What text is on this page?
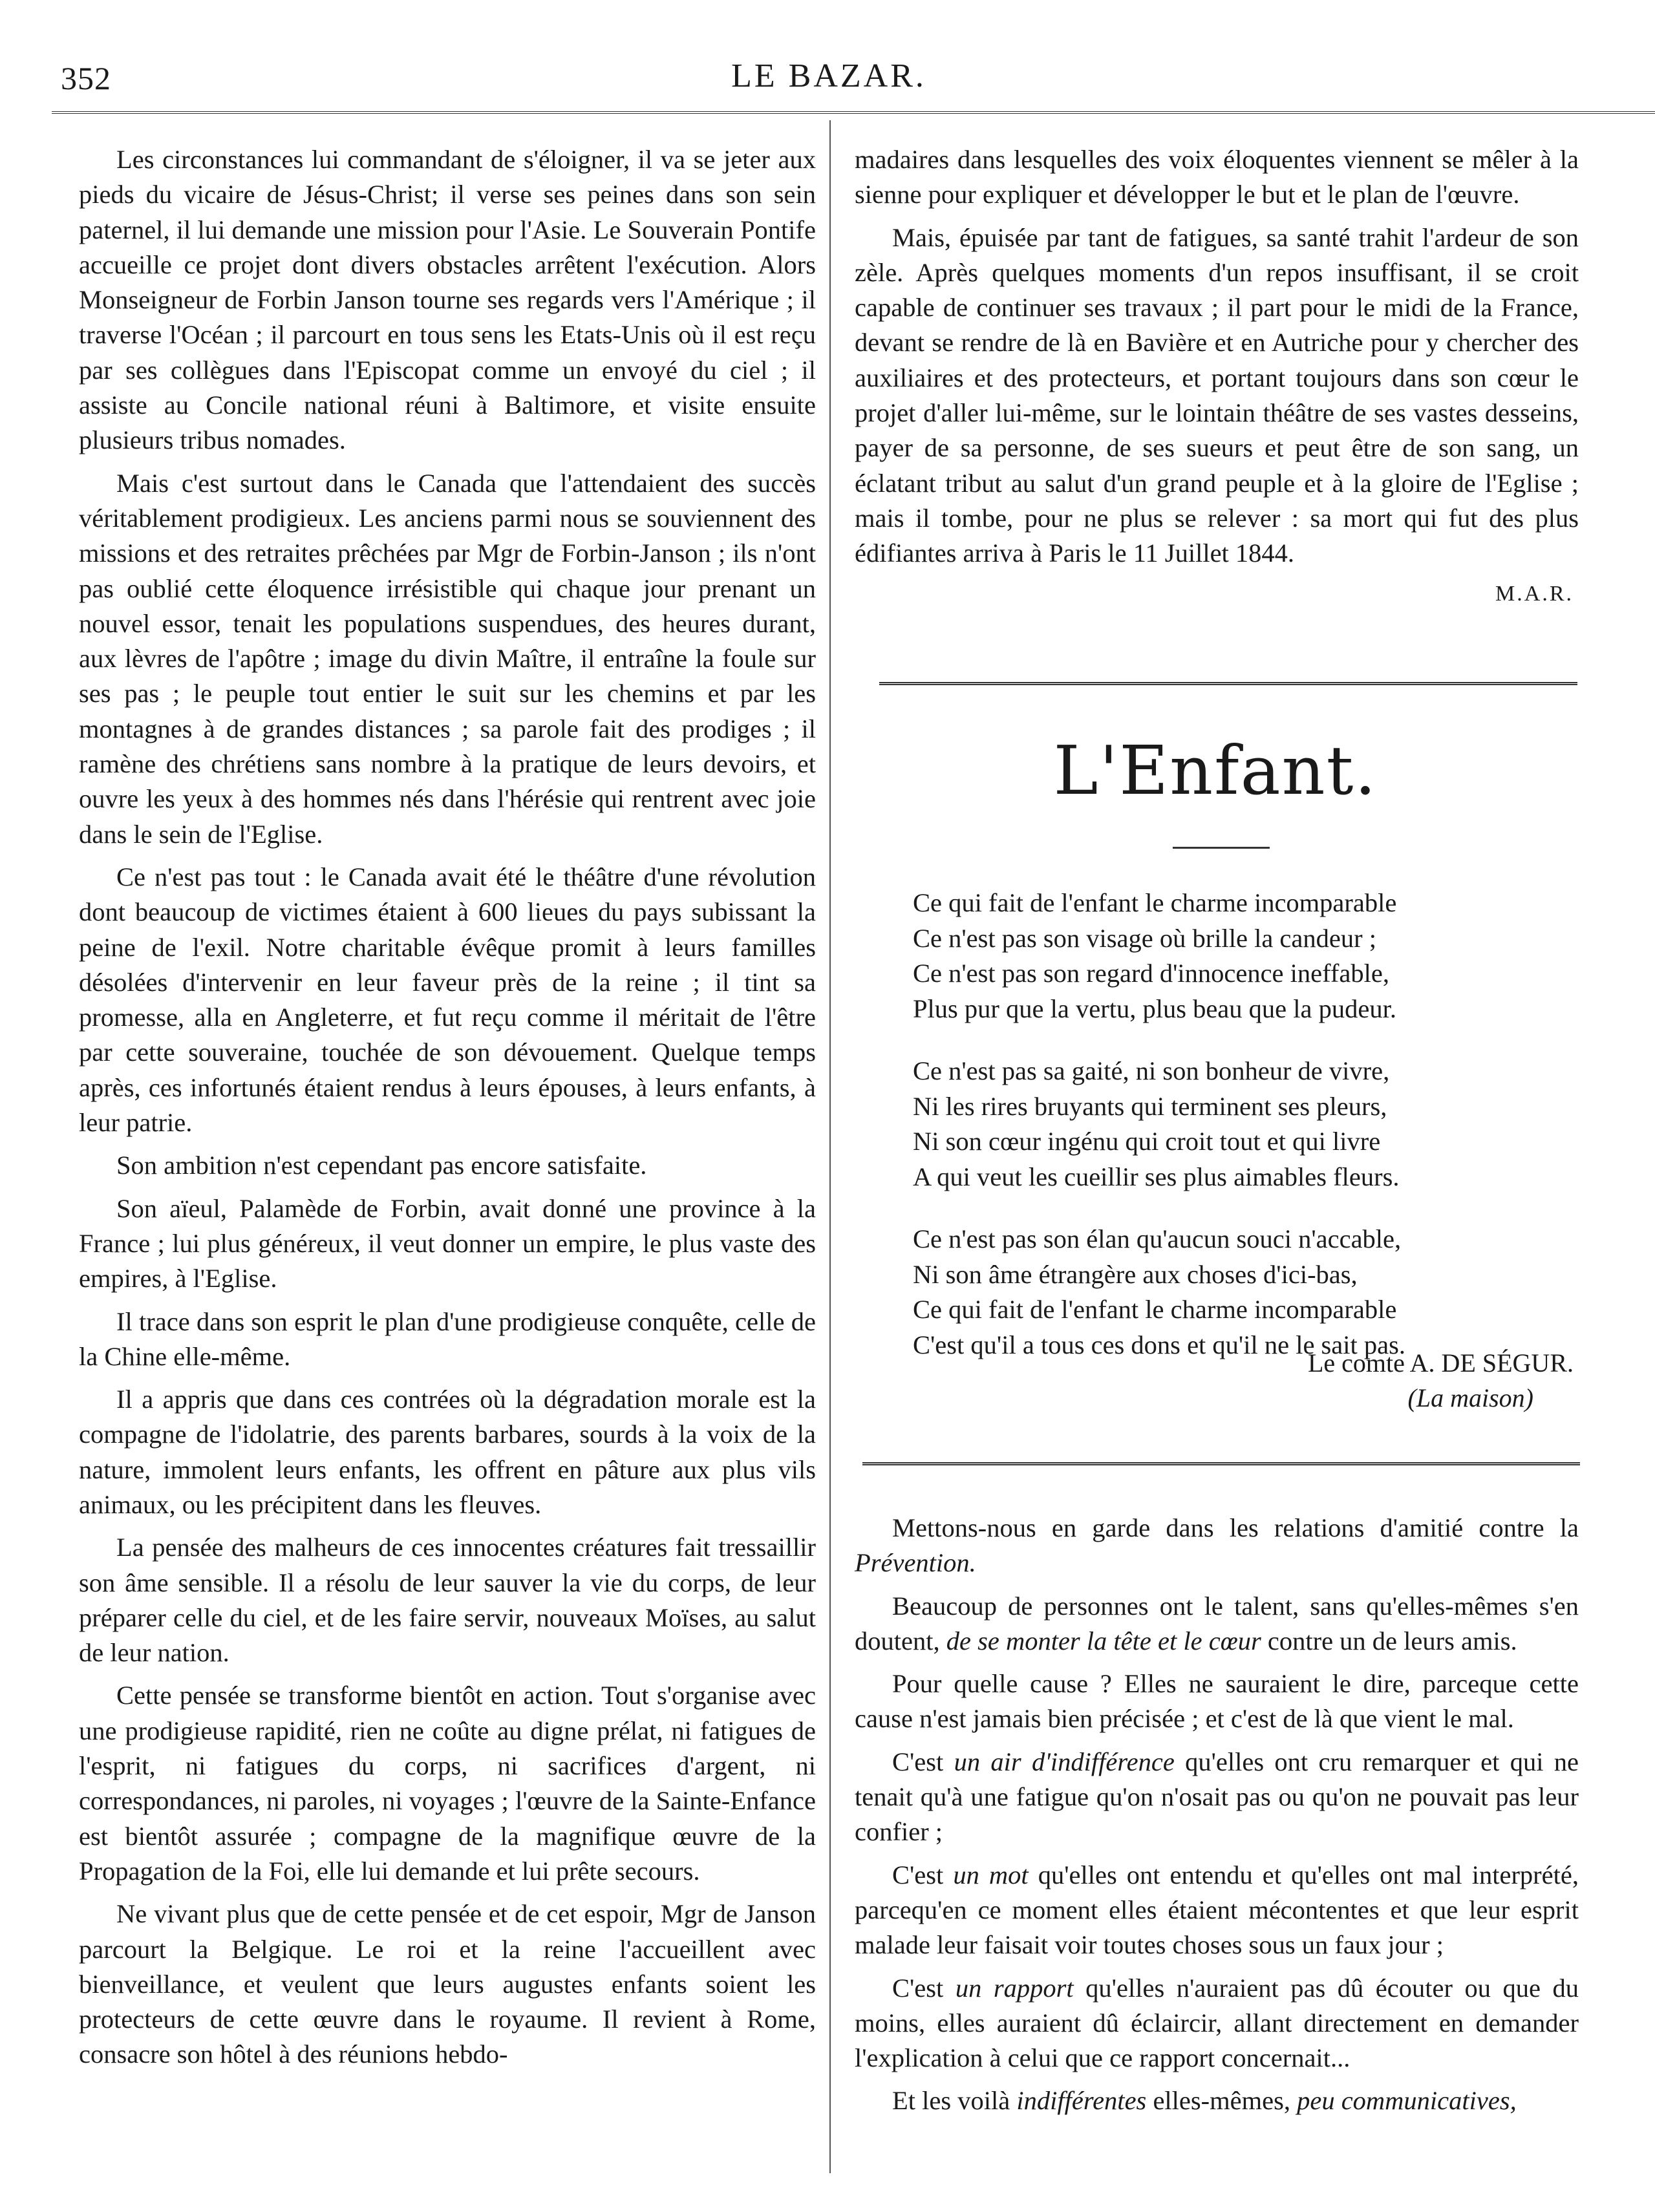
352	LE BAZAR.

Les circonstances lui commandant de s'éloigner, il va se jeter aux pieds du vicaire de Jésus-Christ; il verse ses peines dans son sein paternel, il lui demande une mission pour l'Asie. Le Souverain Pontife accueille ce projet dont divers obstacles arrêtent l'exécution. Alors Monseigneur de Forbin Janson tourne ses regards vers l'Amérique ; il traverse l'Océan ; il parcourt en tous sens les Etats-Unis où il est reçu par ses collègues dans l'Episcopat comme un envoyé du ciel ; il assiste au Concile national réuni à Baltimore, et visite ensuite plusieurs tribus nomades.

Mais c'est surtout dans le Canada que l'attendaient des succès véritablement prodigieux. Les anciens parmi nous se souviennent des missions et des retraites prêchées par Mgr de Forbin-Janson ; ils n'ont pas oublié cette éloquence irrésistible qui chaque jour prenant un nouvel essor, tenait les populations suspendues, des heures durant, aux lèvres de l'apôtre ; image du divin Maître, il entraîne la foule sur ses pas ; le peuple tout entier le suit sur les chemins et par les montagnes à de grandes distances ; sa parole fait des prodiges ; il ramène des chrétiens sans nombre à la pratique de leurs devoirs, et ouvre les yeux à des hommes nés dans l'hérésie qui rentrent avec joie dans le sein de l'Eglise.

Ce n'est pas tout : le Canada avait été le théâtre d'une révolution dont beaucoup de victimes étaient à 600 lieues du pays subissant la peine de l'exil. Notre charitable évêque promit à leurs familles désolées d'intervenir en leur faveur près de la reine ; il tint sa promesse, alla en Angleterre, et fut reçu comme il méritait de l'être par cette souveraine, touchée de son dévouement. Quelque temps après, ces infortunés étaient rendus à leurs épouses, à leurs enfants, à leur patrie.

Son ambition n'est cependant pas encore satisfaite.

Son aïeul, Palamède de Forbin, avait donné une province à la France ; lui plus généreux, il veut donner un empire, le plus vaste des empires, à l'Eglise.

Il trace dans son esprit le plan d'une prodigieuse conquête, celle de la Chine elle-même.

Il a appris que dans ces contrées où la dégradation morale est la compagne de l'idolatrie, des parents barbares, sourds à la voix de la nature, immolent leurs enfants, les offrent en pâture aux plus vils animaux, ou les précipitent dans les fleuves.

La pensée des malheurs de ces innocentes créatures fait tressaillir son âme sensible. Il a résolu de leur sauver la vie du corps, de leur préparer celle du ciel, et de les faire servir, nouveaux Moïses, au salut de leur nation.

Cette pensée se transforme bientôt en action. Tout s'organise avec une prodigieuse rapidité, rien ne coûte au digne prélat, ni fatigues de l'esprit, ni fatigues du corps, ni sacrifices d'argent, ni correspondances, ni paroles, ni voyages ; l'œuvre de la Sainte-Enfance est bientôt assurée ; compagne de la magnifique œuvre de la Propagation de la Foi, elle lui demande et lui prête secours.

Ne vivant plus que de cette pensée et de cet espoir, Mgr de Janson parcourt la Belgique. Le roi et la reine l'accueillent avec bienveillance, et veulent que leurs augustes enfants soient les protecteurs de cette œuvre dans le royaume. Il revient à Rome, consacre son hôtel à des réunions hebdo-

madaires dans lesquelles des voix éloquentes viennent se mêler à la sienne pour expliquer et développer le but et le plan de l'œuvre.

Mais, épuisée par tant de fatigues, sa santé trahit l'ardeur de son zèle. Après quelques moments d'un repos insuffisant, il se croit capable de continuer ses travaux ; il part pour le midi de la France, devant se rendre de là en Bavière et en Autriche pour y chercher des auxiliaires et des protecteurs, et portant toujours dans son cœur le projet d'aller lui-même, sur le lointain théâtre de ses vastes desseins, payer de sa personne, de ses sueurs et peut être de son sang, un éclatant tribut au salut d'un grand peuple et à la gloire de l'Eglise ; mais il tombe, pour ne plus se relever : sa mort qui fut des plus édifiantes arriva à Paris le 11 Juillet 1844.

M.A.R.
L'Enfant.
Ce qui fait de l'enfant le charme incomparable
Ce n'est pas son visage où brille la candeur ;
Ce n'est pas son regard d'innocence ineffable,
Plus pur que la vertu, plus beau que la pudeur.
Ce n'est pas sa gaité, ni son bonheur de vivre,
Ni les rires bruyants qui terminent ses pleurs,
Ni son cœur ingénu qui croit tout et qui livre
A qui veut les cueillir ses plus aimables fleurs.
Ce n'est pas son élan qu'aucun souci n'accable,
Ni son âme étrangère aux choses d'ici-bas,
Ce qui fait de l'enfant le charme incomparable
C'est qu'il a tous ces dons et qu'il ne le sait pas.
Le comte A. DE SÉGUR.
(La maison)

Mettons-nous en garde dans les relations d'amitié contre la Prévention.

Beaucoup de personnes ont le talent, sans qu'elles-mêmes s'en doutent, de se monter la tête et le cœur contre un de leurs amis.

Pour quelle cause ? Elles ne sauraient le dire, parceque cette cause n'est jamais bien précisée ; et c'est de là que vient le mal.

C'est un air d'indifférence qu'elles ont cru remarquer et qui ne tenait qu'à une fatigue qu'on n'osait pas ou qu'on ne pouvait pas leur confier ;

C'est un mot qu'elles ont entendu et qu'elles ont mal interprété, parcequ'en ce moment elles étaient mécontentes et que leur esprit malade leur faisait voir toutes choses sous un faux jour ;

C'est un rapport qu'elles n'auraient pas dû écouter ou que du moins, elles auraient dû éclaircir, allant directement en demander l'explication à celui que ce rapport concernait...

Et les voilà indifférentes elles-mêmes, peu communicatives,
